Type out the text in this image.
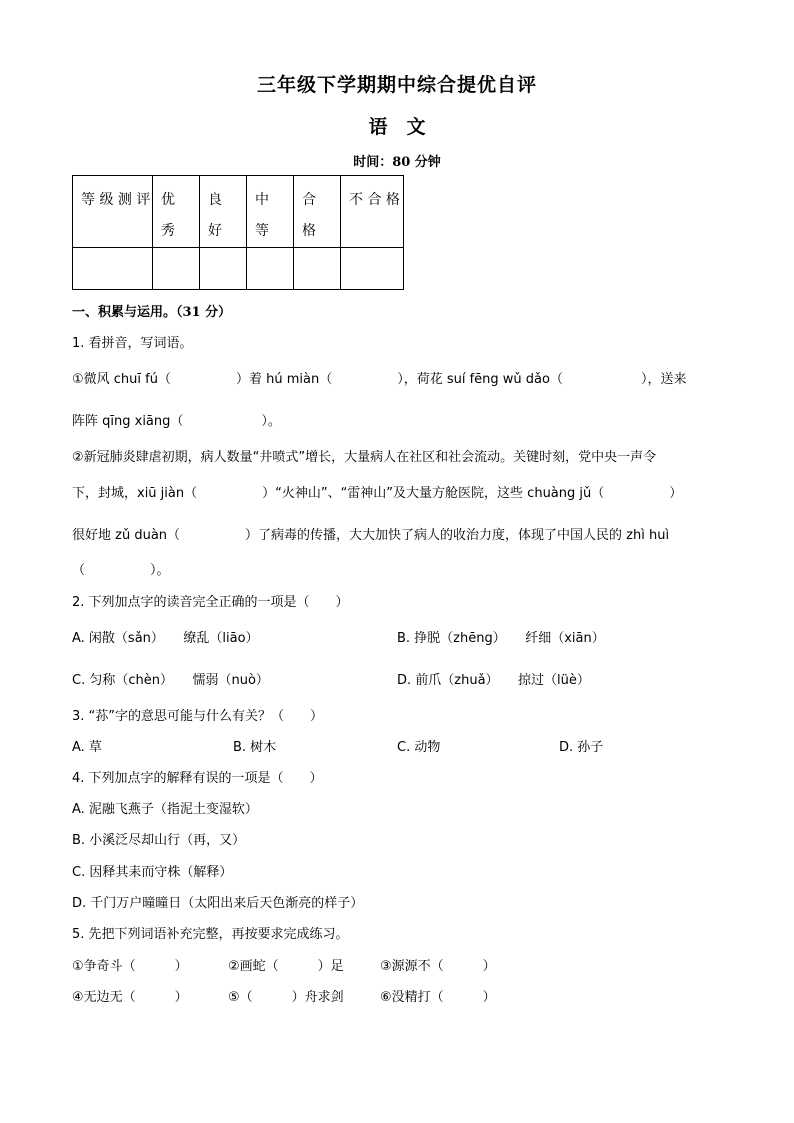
三年级下学期期中综合提优自评
语　文
时间：80 分钟
等 级 测 评	优 秀	良 好	中 等	合 格	不 合 格

一、积累与运用。（31 分）
1. 看拼音，写词语。
①微风 chuī fú（　　　　　）着 hú miàn（　　　　　），荷花 suí fēng wǔ dǎo（　　　　　　），送来
阵阵 qīng xiāng（　　　　　　）。
②新冠肺炎肆虐初期，病人数量“井喷式”增长，大量病人在社区和社会流动。关键时刻，党中央一声令
下，封城，xiū jiàn（　　　　　）“火神山”、“雷神山”及大量方舱医院，这些 chuàng jǔ（　　　　　）
很好地 zǔ duàn（　　　　　）了病毒的传播，大大加快了病人的收治力度，体现了中国人民的 zhì huì
（　　　　　）。
2. 下列加点字的读音完全正确的一项是（　　）
A. 闲散（sǎn）　　缭乱（liāo）	B. 挣脱（zhēng）　　纤细（xiān）
C. 匀称（chèn）　　懦弱（nuò）	D. 前爪（zhuǎ）　　掠过（lüè）
3. “荪”字的意思可能与什么有关？（　　）
A. 草	B. 树木	C. 动物	D. 孙子
4. 下列加点字的解释有误的一项是（　　）
A. 泥融飞燕子（指泥土变湿软）
B. 小溪泛尽却山行（再，又）
C. 因释其耒而守株（解释）
D. 千门万户曈曈日（太阳出来后天色渐亮的样子）
5. 先把下列词语补充完整，再按要求完成练习。
①争奇斗（　　　）	②画蛇（　　　）足	③源源不（　　　）
④无边无（　　　）	⑤（　　　）舟求剑	⑥没精打（　　　）
